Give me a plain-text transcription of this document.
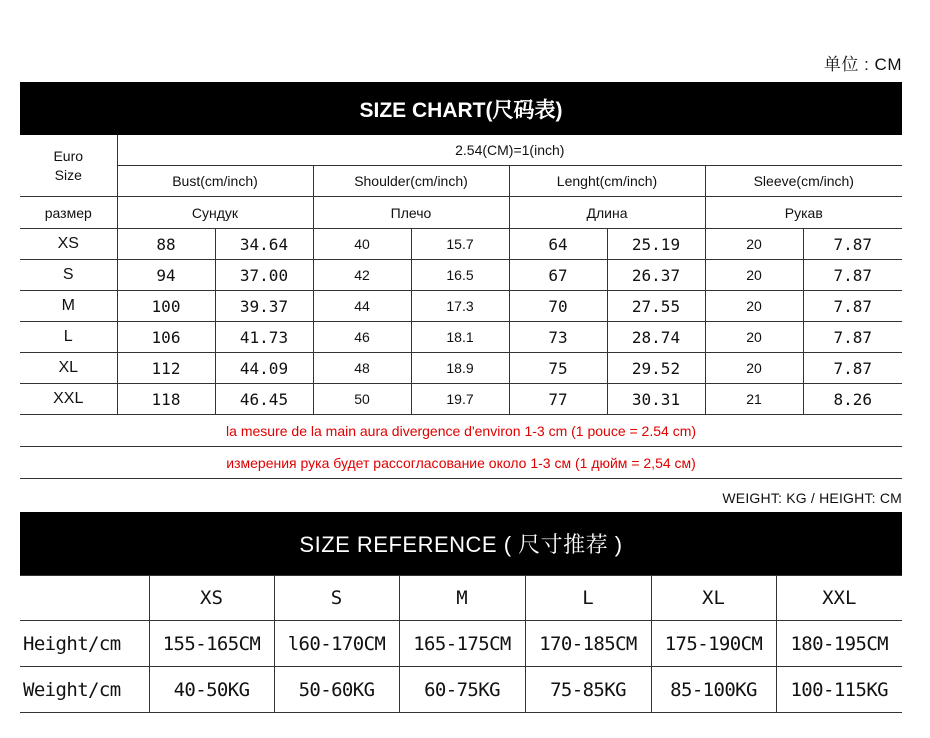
单位 : CM
SIZE CHART(尺码表)
Euro
Size	2.54(CM)=1(inch)							
	Bust(cm/inch)		Shoulder(cm/inch)		Lenght(cm/inch)		Sleeve(cm/inch)	
размер	Сундук		Плечо		Длина		Рукав	
XS	88	34.64	40	15.7	64	25.19	20	7.87
S	94	37.00	42	16.5	67	26.37	20	7.87
M	100	39.37	44	17.3	70	27.55	20	7.87
L	106	41.73	46	18.1	73	28.74	20	7.87
XL	112	44.09	48	18.9	75	29.52	20	7.87
XXL	118	46.45	50	19.7	77	30.31	21	8.26
la mesure de la main aura divergence d'environ 1-3 cm (1 pouce = 2.54 cm)								
измерения рука будет рассогласование около 1-3 см (1 дюйм = 2,54 см)								
WEIGHT: KG / HEIGHT: CM
SIZE REFERENCE ( 尺寸推荐 )
	XS	S	M	L	XL	XXL
Height/cm	155-165CM	l60-170CM	165-175CM	170-185CM	175-190CM	180-195CM
Weight/cm	40-50KG	50-60KG	60-75KG	75-85KG	85-100KG	100-115KG
